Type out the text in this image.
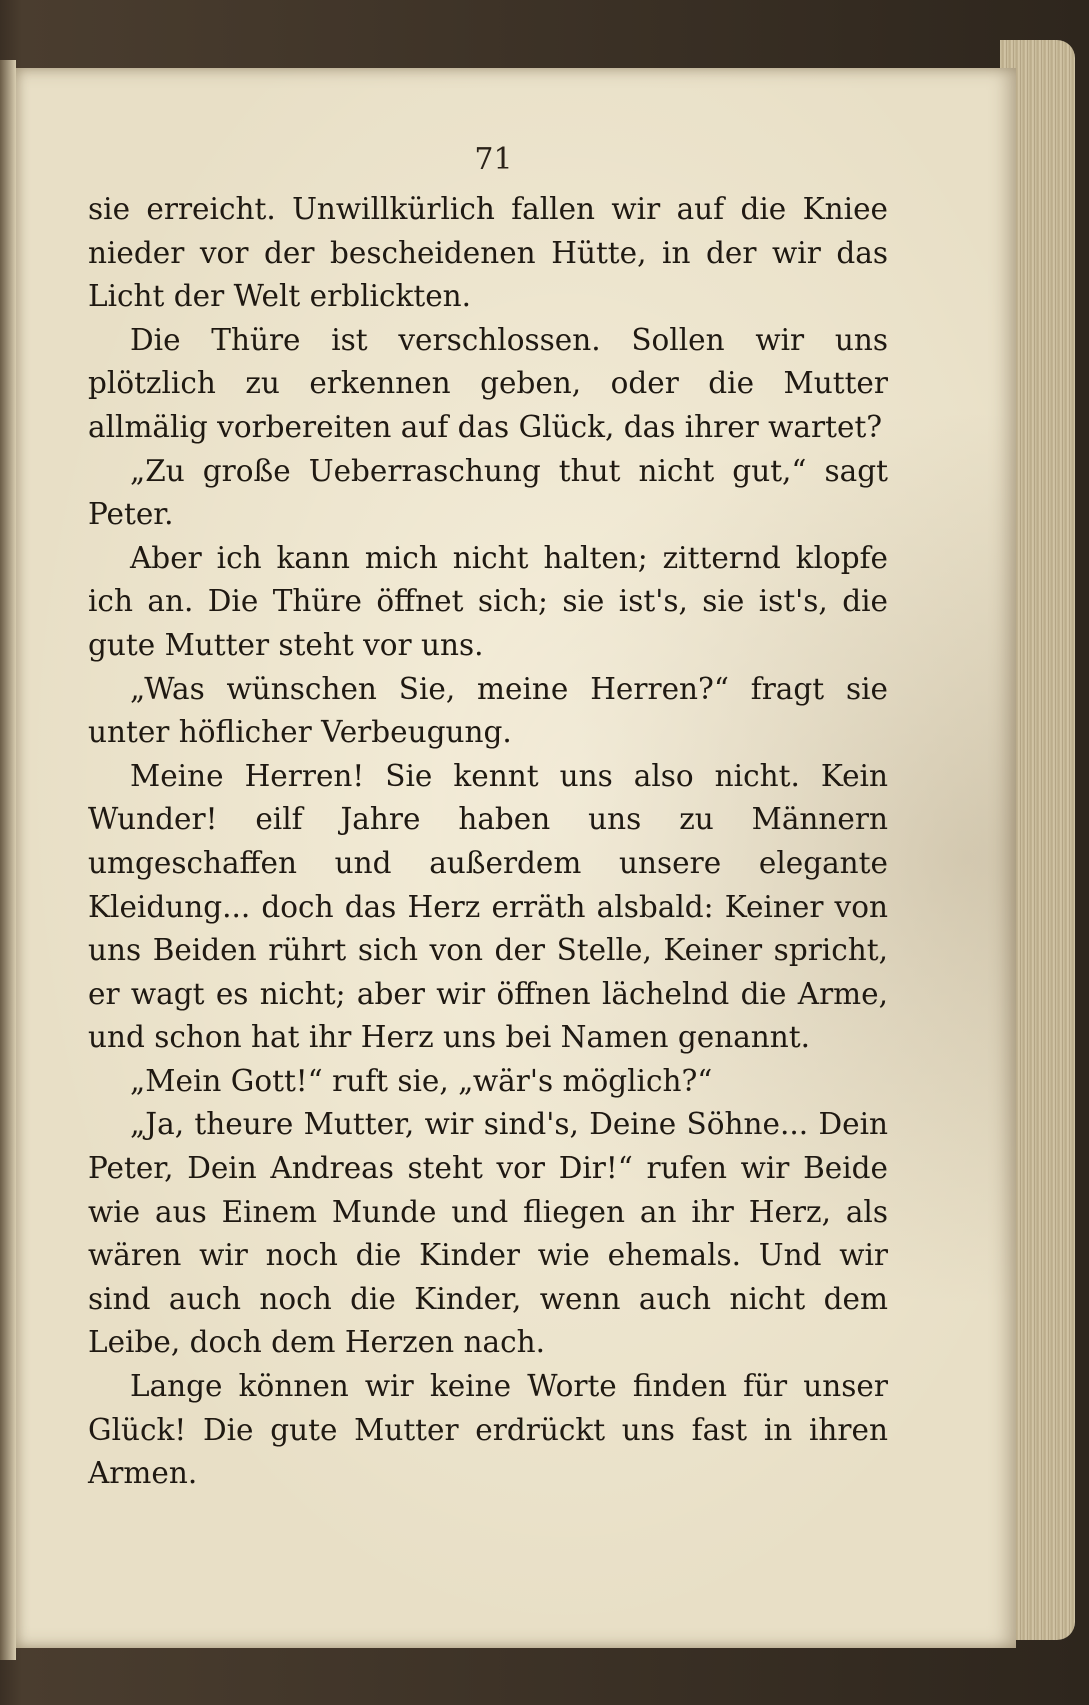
71

sie erreicht. Unwillkürlich fallen wir auf die Kniee nieder vor der bescheidenen Hütte, in der wir das Licht der Welt erblickten.

Die Thüre ist verschlossen. Sollen wir uns plötzlich zu erkennen geben, oder die Mutter allmälig vorbereiten auf das Glück, das ihrer wartet?

„Zu große Ueberraschung thut nicht gut,“ sagt Peter.

Aber ich kann mich nicht halten; zitternd klopfe ich an. Die Thüre öffnet sich; sie ist's, sie ist's, die gute Mutter steht vor uns.

„Was wünschen Sie, meine Herren?“ fragt sie unter höflicher Verbeugung.

Meine Herren! Sie kennt uns also nicht. Kein Wunder! eilf Jahre haben uns zu Männern umgeschaffen und außerdem unsere elegante Kleidung... doch das Herz erräth alsbald: Keiner von uns Beiden rührt sich von der Stelle, Keiner spricht, er wagt es nicht; aber wir öffnen lächelnd die Arme, und schon hat ihr Herz uns bei Namen genannt.

„Mein Gott!“ ruft sie, „wär's möglich?“

„Ja, theure Mutter, wir sind's, Deine Söhne... Dein Peter, Dein Andreas steht vor Dir!“ rufen wir Beide wie aus Einem Munde und fliegen an ihr Herz, als wären wir noch die Kinder wie ehemals. Und wir sind auch noch die Kinder, wenn auch nicht dem Leibe, doch dem Herzen nach.

Lange können wir keine Worte finden für unser Glück! Die gute Mutter erdrückt uns fast in ihren Armen.
